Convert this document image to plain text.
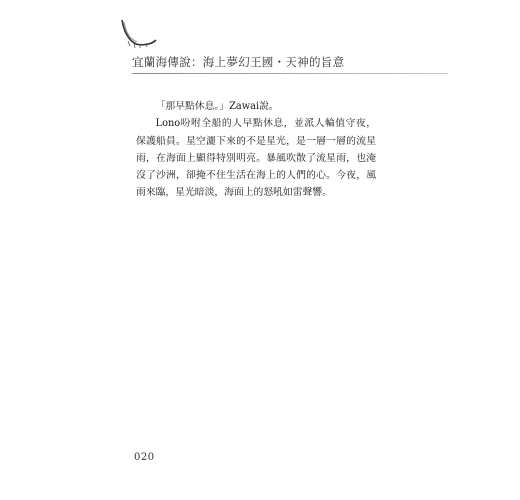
宜蘭海傳說：海上夢幻王國・天神的旨意

「那早點休息。」Zawai說。

Lono吩咐全船的人早點休息，並派人輪值守夜，保護船員。星空灑下來的不是星光，是一層一層的流星雨，在海面上顯得特別明亮。暴風吹散了流星雨，也淹沒了沙洲，卻掩不住生活在海上的人們的心。今夜，風雨來臨，星光暗淡，海面上的怒吼如雷聲響。

020
